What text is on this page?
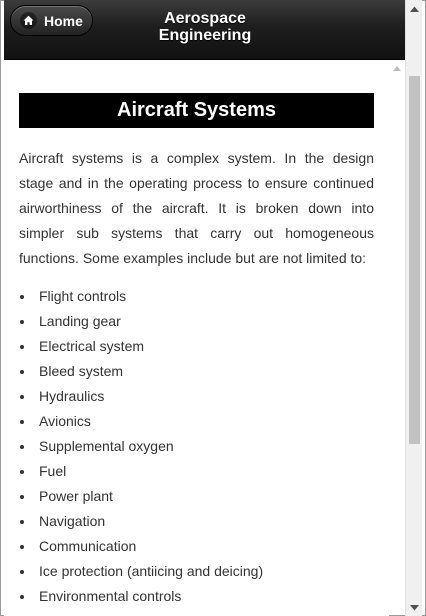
Home	Aerospace
Engineering
Aircraft Systems

Aircraft systems is a complex system. In the design stage and in the operating process to ensure continued airworthiness of the aircraft. It is broken down into simpler sub systems that carry out homogeneous functions. Some examples include but are not limited to:

Flight controls
Landing gear
Electrical system
Bleed system
Hydraulics
Avionics
Supplemental oxygen
Fuel
Power plant
Navigation
Communication
Ice protection (antiicing and deicing)
Environmental controls
